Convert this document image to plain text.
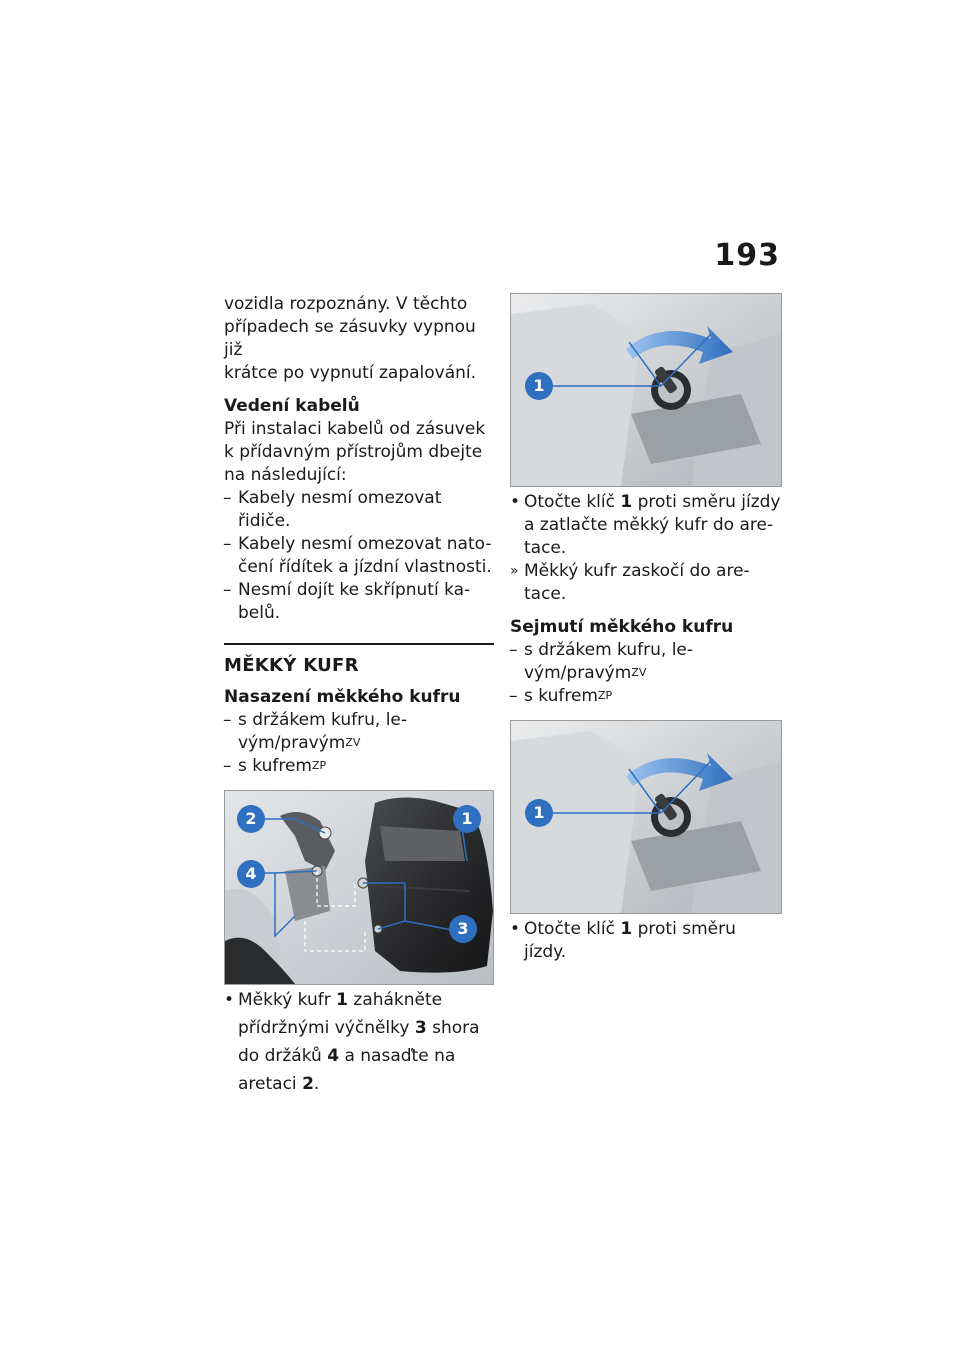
193

vozidla rozpoznány. V těchto

případech se zásuvky vypnou již

krátce po vypnutí zapalování.

Vedení kabelů

Při instalaci kabelů od zásuvek

k přídavným přístrojům dbejte

na následující:

– Kabely nesmí omezovat řidiče.
– Kabely nesmí omezovat nato-
čení řídítek a jízdní vlastnosti.
– Nesmí dojít ke skřípnutí ka-
belů.

MĚKKÝ KUFR

Nasazení měkkého kufru

– s držákem kufru, le-
vým/pravým$^{ZV}$
– s kufrem$^{ZP}$
2	1
4
3
• Měkký kufr 1 zahákněte
přídržnými výčnělky 3 shora
do držáků 4 a nasaďte na
aretaci 2.
1
• Otočte klíč 1 proti směru jízdy
a zatlačte měkký kufr do are-
tace.
» Měkký kufr zaskočí do are-
tace.

Sejmutí měkkého kufru

– s držákem kufru, le-
vým/pravým$^{ZV}$
– s kufrem$^{ZP}$
1
• Otočte klíč 1 proti směru
jízdy.
